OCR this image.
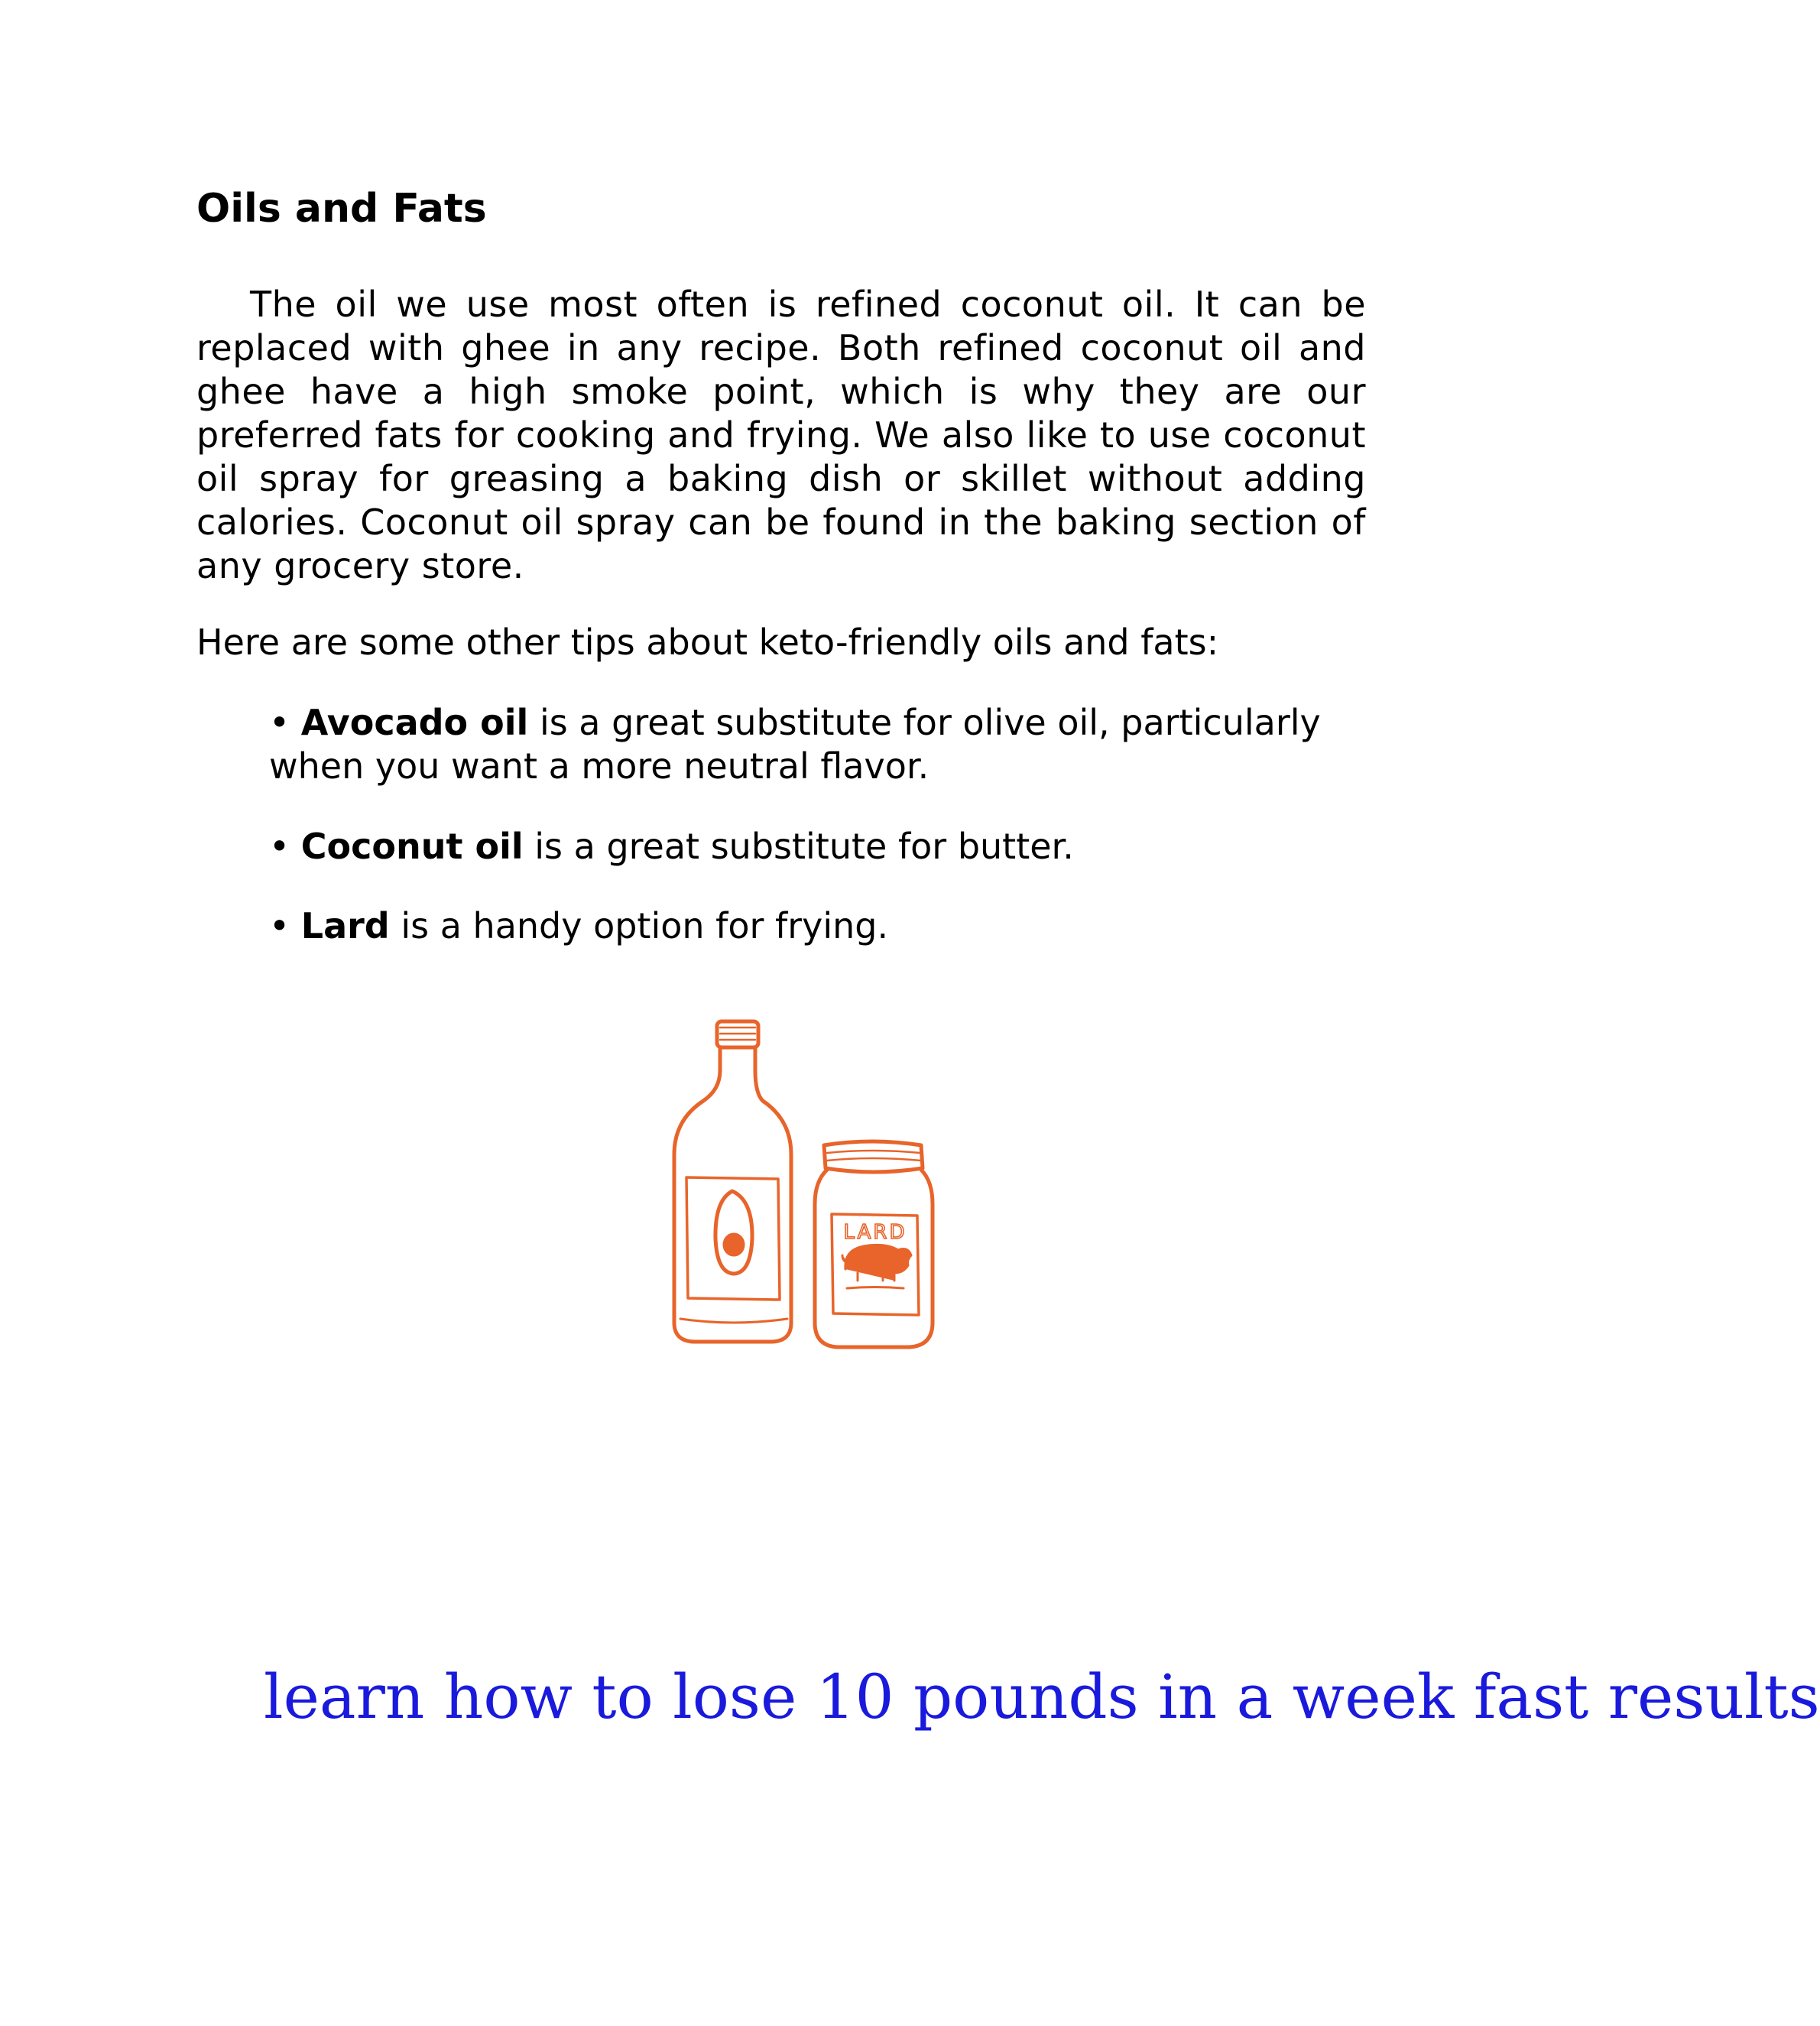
Oils and Fats

The oil we use most often is refined coconut oil. It can be replaced with ghee in any recipe. Both refined coconut oil and ghee have a high smoke point, which is why they are our preferred fats for cooking and frying. We also like to use coconut oil spray for greasing a baking dish or skillet without adding calories. Coconut oil spray can be found in the baking section of any grocery store.

Here are some other tips about keto-friendly oils and fats:

• Avocado oil is a great substitute for olive oil, particularly when you want a more neutral flavor.

• Coconut oil is a great substitute for butter.

• Lard is a handy option for frying.

LARD
learn how to lose 10 pounds in a week fast results
